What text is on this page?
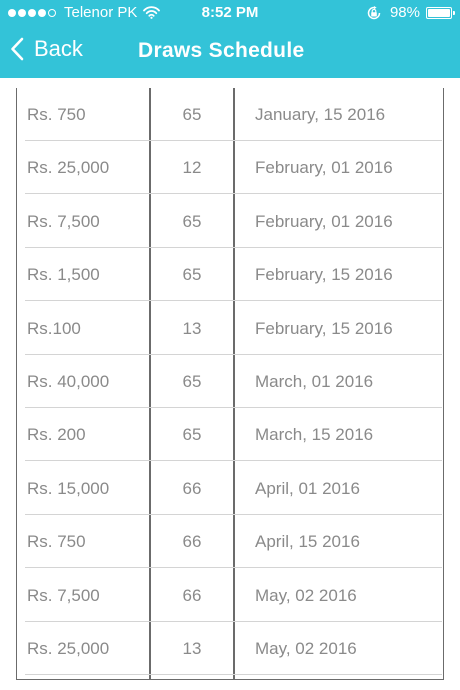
Telenor PK	8:52 PM	98%
Back	Draws Schedule
Rs. 750	65	January, 15 2016
Rs. 25,000	12	February, 01 2016
Rs. 7,500	65	February, 01 2016
Rs. 1,500	65	February, 15 2016
Rs.100	13	February, 15 2016
Rs. 40,000	65	March, 01 2016
Rs. 200	65	March, 15 2016
Rs. 15,000	66	April, 01 2016
Rs. 750	66	April, 15 2016
Rs. 7,500	66	May, 02 2016
Rs. 25,000	13	May, 02 2016
